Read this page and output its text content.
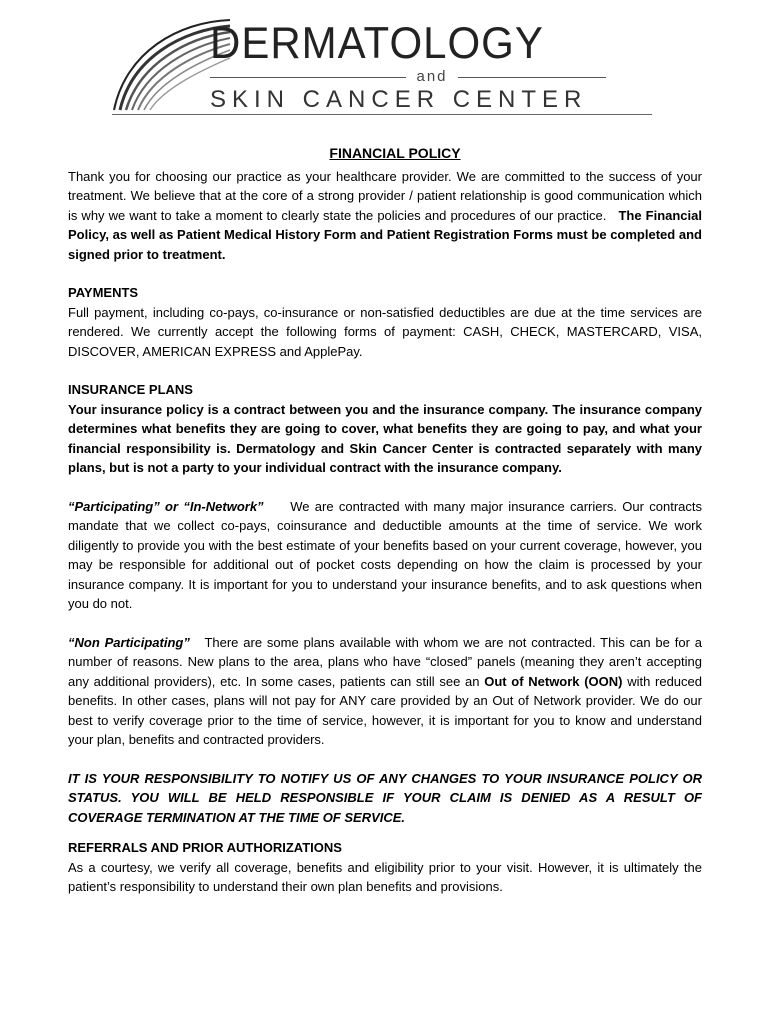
DERMATOLOGY
and
SKIN CANCER CENTER
FINANCIAL POLICY

Thank you for choosing our practice as your healthcare provider. We are committed to the success of your treatment. We believe that at the core of a strong provider / patient relationship is good communication which is why we want to take a moment to clearly state the policies and procedures of our practice. The Financial Policy, as well as Patient Medical History Form and Patient Registration Forms must be completed and signed prior to treatment.

PAYMENTS

Full payment, including co-pays, co-insurance or non-satisfied deductibles are due at the time services are rendered. We currently accept the following forms of payment: CASH, CHECK, MASTERCARD, VISA, DISCOVER, AMERICAN EXPRESS and ApplePay.

INSURANCE PLANS

Your insurance policy is a contract between you and the insurance company. The insurance company determines what benefits they are going to cover, what benefits they are going to pay, and what your financial responsibility is. Dermatology and Skin Cancer Center is contracted separately with many plans, but is not a party to your individual contract with the insurance company.

“Participating” or “In-Network” We are contracted with many major insurance carriers. Our contracts mandate that we collect co-pays, coinsurance and deductible amounts at the time of service. We work diligently to provide you with the best estimate of your benefits based on your current coverage, however, you may be responsible for additional out of pocket costs depending on how the claim is processed by your insurance company. It is important for you to understand your insurance benefits, and to ask questions when you do not.

“Non Participating” There are some plans available with whom we are not contracted. This can be for a number of reasons. New plans to the area, plans who have “closed” panels (meaning they aren’t accepting any additional providers), etc. In some cases, patients can still see an Out of Network (OON) with reduced benefits. In other cases, plans will not pay for ANY care provided by an Out of Network provider. We do our best to verify coverage prior to the time of service, however, it is important for you to know and understand your plan, benefits and contracted providers.

IT IS YOUR RESPONSIBILITY TO NOTIFY US OF ANY CHANGES TO YOUR INSURANCE POLICY OR STATUS. YOU WILL BE HELD RESPONSIBLE IF YOUR CLAIM IS DENIED AS A RESULT OF COVERAGE TERMINATION AT THE TIME OF SERVICE.

REFERRALS AND PRIOR AUTHORIZATIONS

As a courtesy, we verify all coverage, benefits and eligibility prior to your visit. However, it is ultimately the patient’s responsibility to understand their own plan benefits and provisions.
